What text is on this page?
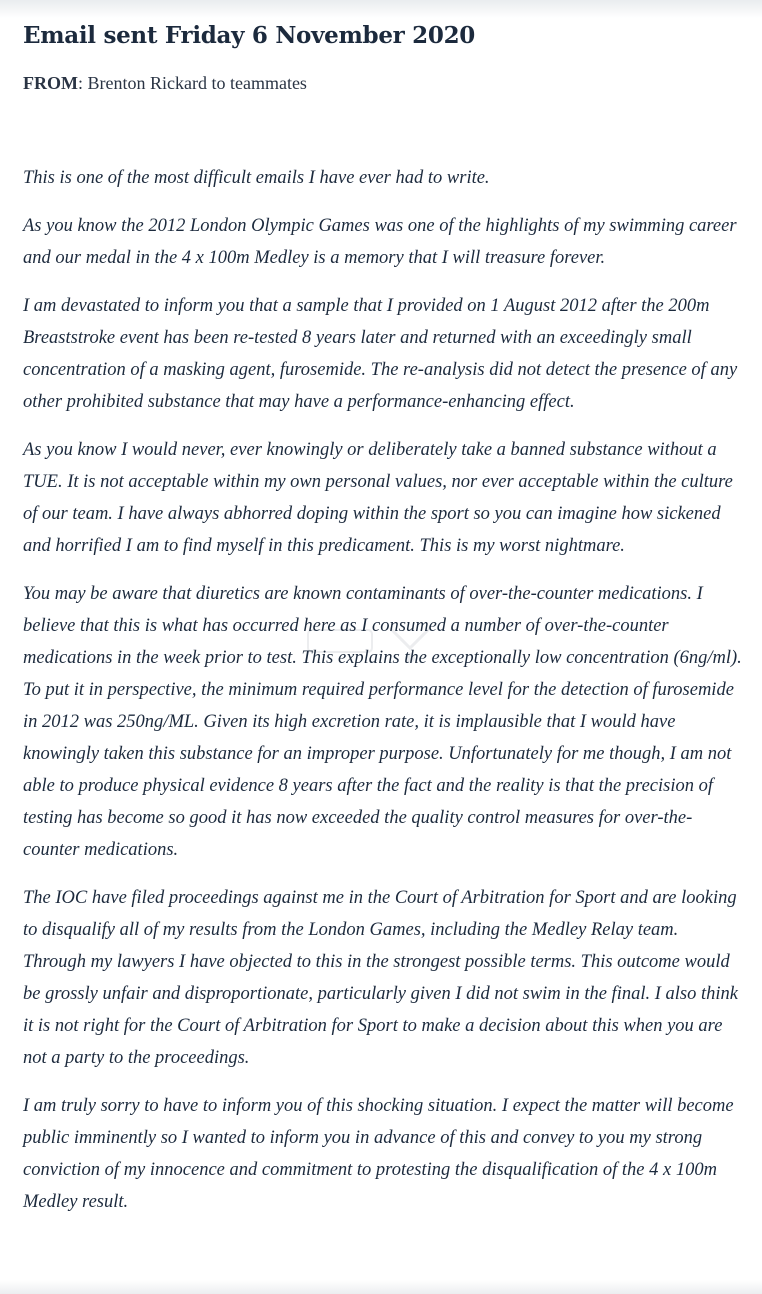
Email sent Friday 6 November 2020

FROM: Brenton Rickard to teammates

This is one of the most difficult emails I have ever had to write.

As you know the 2012 London Olympic Games was one of the highlights of my swimming career and our medal in the 4 x 100m Medley is a memory that I will treasure forever.

I am devastated to inform you that a sample that I provided on 1 August 2012 after the 200m Breaststroke event has been re-tested 8 years later and returned with an exceedingly small concentration of a masking agent, furosemide. The re-analysis did not detect the presence of any other prohibited substance that may have a performance-enhancing effect.

As you know I would never, ever knowingly or deliberately take a banned substance without a TUE. It is not acceptable within my own personal values, nor ever acceptable within the culture of our team. I have always abhorred doping within the sport so you can imagine how sickened and horrified I am to find myself in this predicament. This is my worst nightmare.

You may be aware that diuretics are known contaminants of over-the-counter medications. I believe that this is what has occurred here as I consumed a number of over-the-counter medications in the week prior to test. This explains the exceptionally low concentration (6ng/ml). To put it in perspective, the minimum required performance level for the detection of furosemide in 2012 was 250ng/ML. Given its high excretion rate, it is implausible that I would have knowingly taken this substance for an improper purpose. Unfortunately for me though, I am not able to produce physical evidence 8 years after the fact and the reality is that the precision of testing has become so good it has now exceeded the quality control measures for over-the-counter medications.

The IOC have filed proceedings against me in the Court of Arbitration for Sport and are looking to disqualify all of my results from the London Games, including the Medley Relay team. Through my lawyers I have objected to this in the strongest possible terms. This outcome would be grossly unfair and disproportionate, particularly given I did not swim in the final. I also think it is not right for the Court of Arbitration for Sport to make a decision about this when you are not a party to the proceedings.

I am truly sorry to have to inform you of this shocking situation. I expect the matter will become public imminently so I wanted to inform you in advance of this and convey to you my strong conviction of my innocence and commitment to protesting the disqualification of the 4 x 100m Medley result.
